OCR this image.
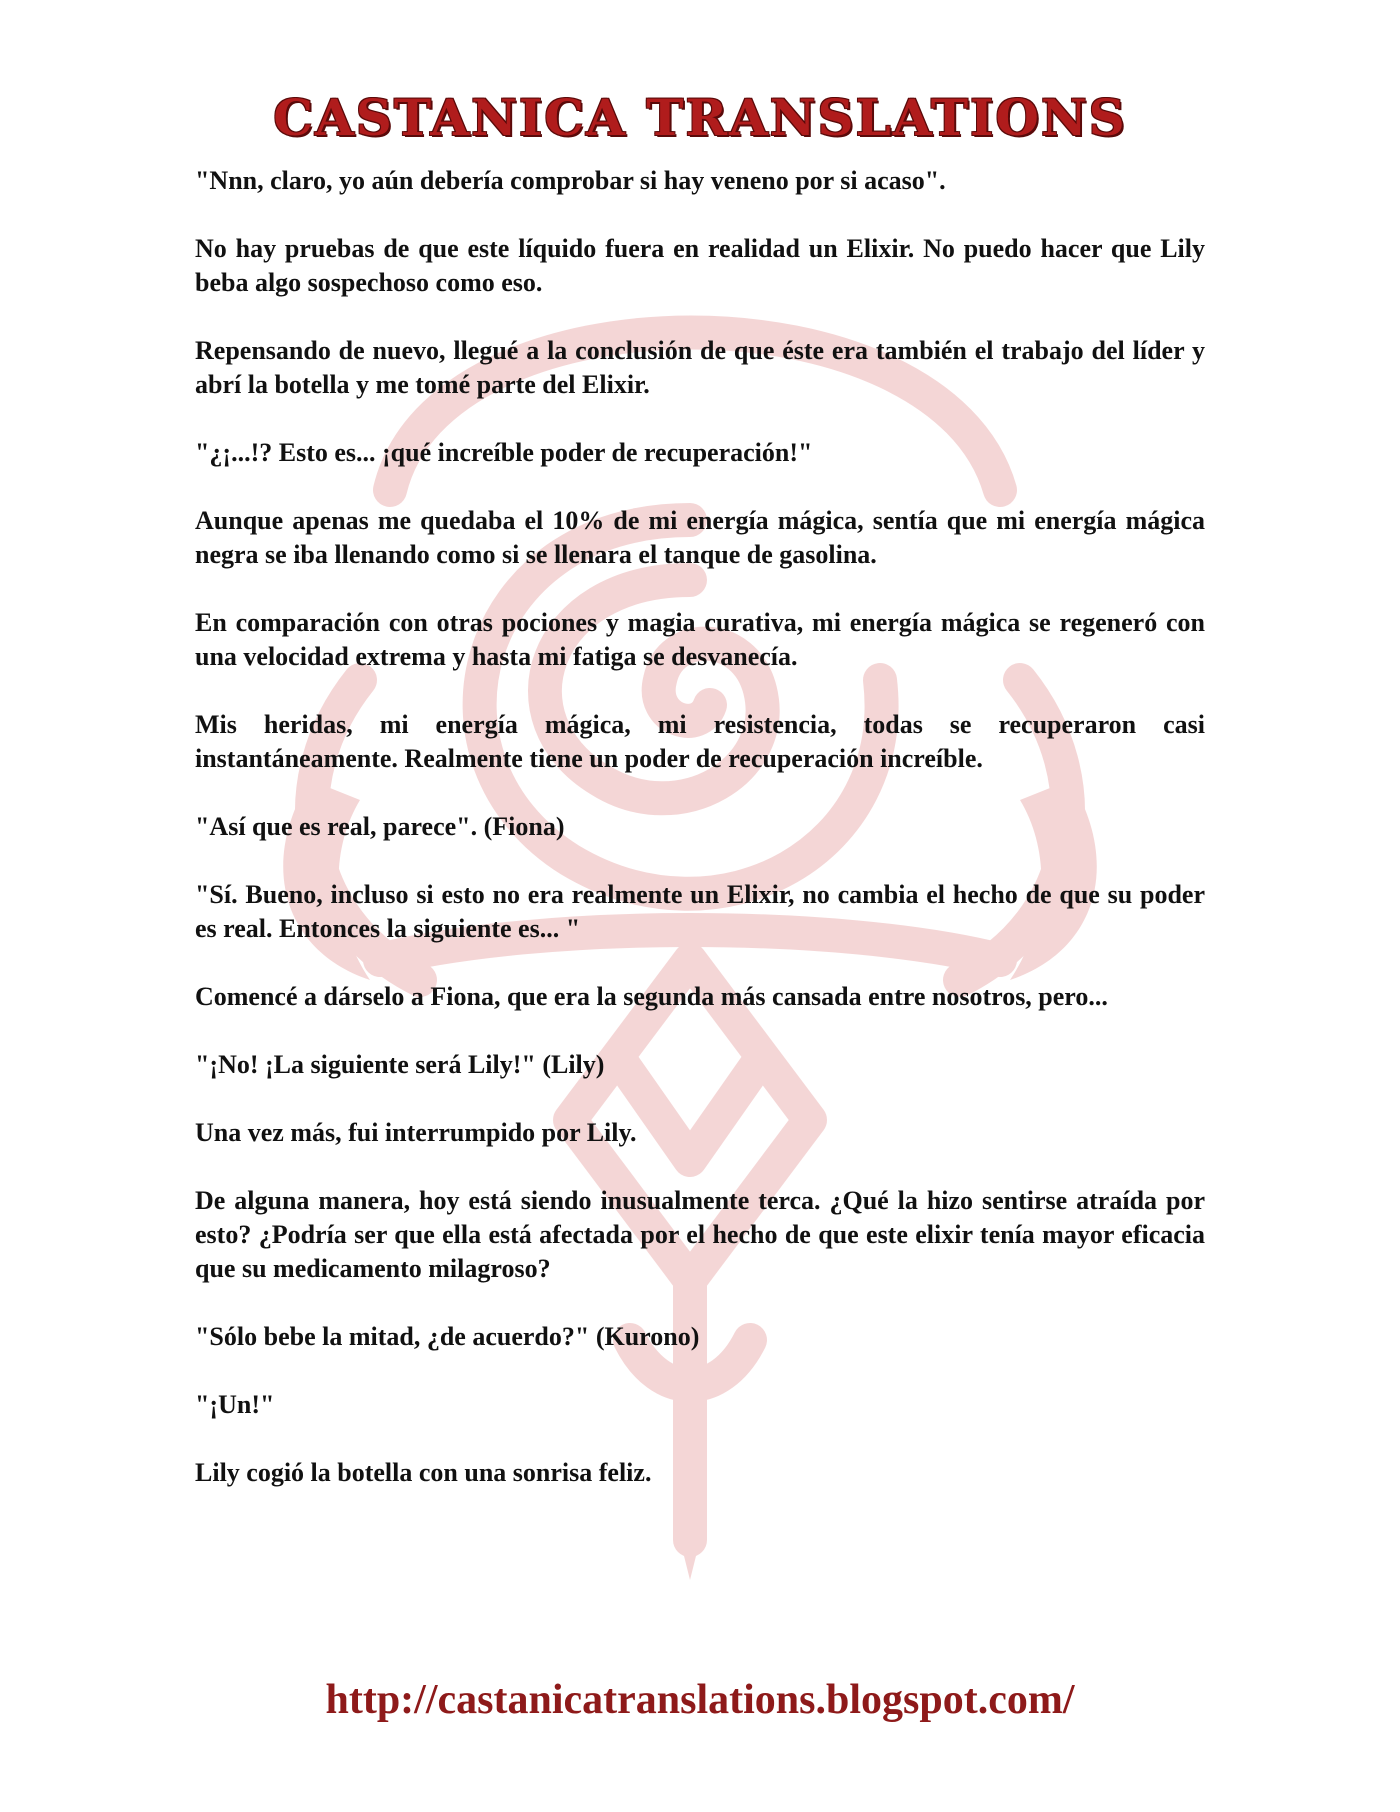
CASTANICA TRANSLATIONS

"Nnn, claro, yo aún debería comprobar si hay veneno por si acaso".

No hay pruebas de que este líquido fuera en realidad un Elixir. No puedo hacer que Lily beba algo sospechoso como eso.

Repensando de nuevo, llegué a la conclusión de que éste era también el trabajo del líder y abrí la botella y me tomé parte del Elixir.

"¿¡...!? Esto es... ¡qué increíble poder de recuperación!"

Aunque apenas me quedaba el 10% de mi energía mágica, sentía que mi energía mágica negra se iba llenando como si se llenara el tanque de gasolina.

En comparación con otras pociones y magia curativa, mi energía mágica se regeneró con una velocidad extrema y hasta mi fatiga se desvanecía.

Mis heridas, mi energía mágica, mi resistencia, todas se recuperaron casi instantáneamente. Realmente tiene un poder de recuperación increíble.

"Así que es real, parece". (Fiona)

"Sí. Bueno, incluso si esto no era realmente un Elixir, no cambia el hecho de que su poder es real. Entonces la siguiente es... "

Comencé a dárselo a Fiona, que era la segunda más cansada entre nosotros, pero...

"¡No! ¡La siguiente será Lily!" (Lily)

Una vez más, fui interrumpido por Lily.

De alguna manera, hoy está siendo inusualmente terca. ¿Qué la hizo sentirse atraída por esto? ¿Podría ser que ella está afectada por el hecho de que este elixir tenía mayor eficacia que su medicamento milagroso?

"Sólo bebe la mitad, ¿de acuerdo?" (Kurono)

"¡Un!"

Lily cogió la botella con una sonrisa feliz.

http://castanicatranslations.blogspot.com/
